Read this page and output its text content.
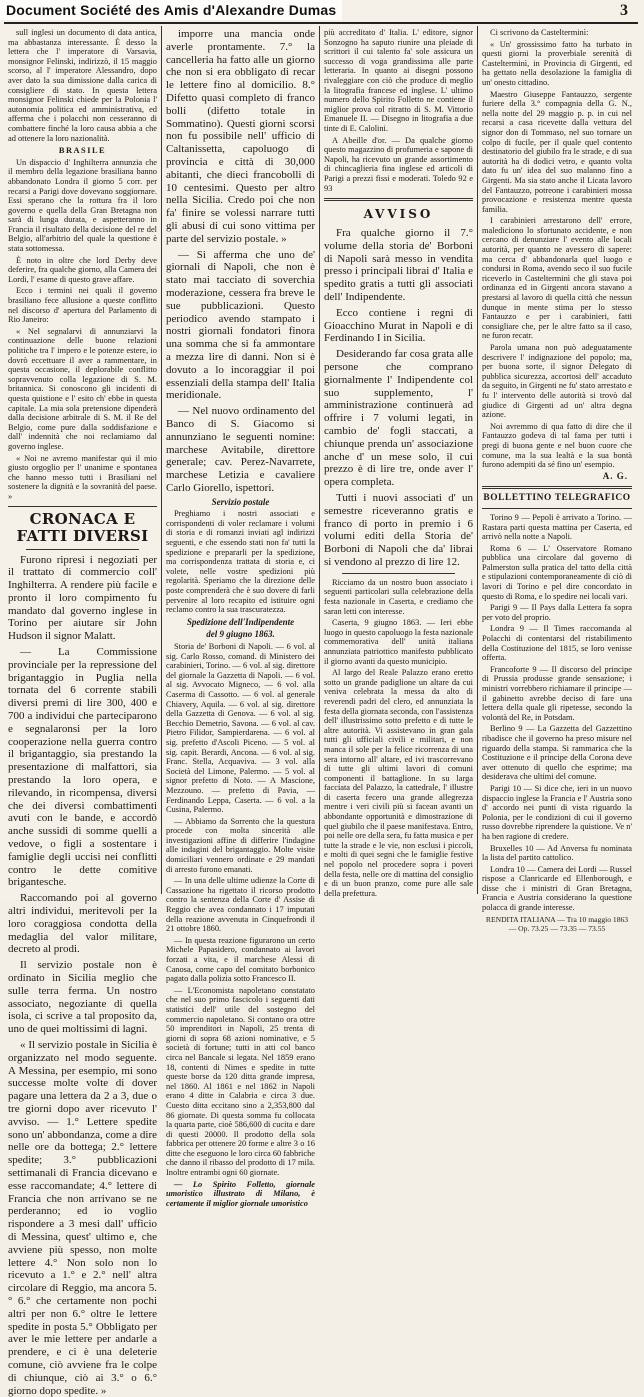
Document Société des Amis d'Alexandre Dumas	3

sull inglesi un documento di data antica, ma abbastanza interessante. È desso la lettera che l' imperatore di Varsavia, monsignor Felinski, indirizzò, il 15 maggio scorso, al l' imperatore Alessandro, dopo aver dato la sua dimissione dalla carica di consigliere di stato. In questa lettera monsignor Felinski chiede per la Polonia l' autonomia politica ed amministrativa, ed afferma che i polacchi non cesseranno di combattere finché la loro causa abbia a che ad ottenere la loro nazionalità.

BRASILE

Un dispaccio d' Inghilterra annunzia che il membro della legazione brasiliana banno abbandonato Londra il giorno 5 corr. per recarsi a Parigi dove dovevano soggiornare. Essi sperano che la rottura fra il loro governo e quella della Gran Bretagna non sarà di lunga durata, e aspetteranno in Francia il risultato della decisione del re del Belgio, all'arbitrio del quale la questione è stata sottomessa.

È noto in oltre che lord Derby deve deferire, fra qualche giorno, alla Camera dei Lordi, l' esame di questo grave affare.

Ecco i termini nei quali il governo brasiliano fece allusione a queste conflitto nel discorso d' apertura del Parlamento di Rio Janeiro:

« Nel segnalarvi di annunziarvi la continuazione delle buone relazioni politiche tra l' impero e le potenze estere, io dovrò eccettuare il aver a rammentare, in questa occasione, il deplorabile conflitto sopravvenuto colla legazione di S. M. britannica. Si conoscono gli incidenti di questa quistione e l' esito ch' ebbe in questa capitale. La mia sola pretensione dipenderà dalla decisione arbitrale di S. M. il Re del Belgio, come pure dalla soddisfazione e dall' indennità che noi reclamiamo dal governo inglese.

« Noi ne avremo manifestar qui il mio giusto orgoglio per l' unanime e spontanea che hanno messo tutti i Brasiliani nel sostenere la dignità e la sovranità del paese. »

CRONACA E FATTI DIVERSI

Furono ripresi i negoziati per il trattato di commercio coll' Inghilterra. A rendere più facile e pronto il loro compimento fu mandato dal governo inglese in Torino per aiutare sir John Hudson il signor Malatt.

— La Commissione provinciale per la repressione del brigantaggio in Puglia nella tornata del 6 corrente stabilì diversi premi di lire 300, 400 e 700 a individui che parteciparono e segnalaronsi per la loro cooperazione nella guerra contro il brigantaggio, sia prestando la presentazione di malfattori, sia prestando la loro opera, e rilevando, in ricompensa, diversi che dei diversi combattimenti avuti con le bande, e accordò anche sussidi di somme quelli a vedove, o figli a sostentare i famiglie degli uccisi nei conflitti contro le dette comitive brigantesche.

Raccomando poi al governo altri individui, meritevoli per la loro coraggiosa condotta della medaglia del valor militare, decreto al prodi.

Il servizio postale non è ordinato in Sicilia meglio che sulle terra ferma. Un nostro associato, negoziante di quella isola, ci scrive a tal proposito da, uno de quei moltissimi di lagni.

« Il servizio postale in Sicilia è organizzato nel modo seguente. A Messina, per esempio, mi sono successe molte volte di dover pagare una lettera da 2 a 3, due o tre giorni dopo aver ricevuto l' avviso. — 1.° Lettere spedite sono un' abbondanza, come a dire nelle ore da bottega; 2.° lettere spedite; 3.° pubblicazioni settimanali di Francia dicevano e esse raccomandate; 4.° lettere di Francia che non arrivano se ne perderanno; ed io voglio rispondere a 3 mesi dall' ufficio di Messina, quest' ultimo e, che avviene più spesso, non molte lettere 4.° Non solo non lo ricevuto a 1.° e 2.° nell' altra circolare di Reggio, ma ancora 5.° 6.° che certamente non pochi altri per non 6.° oltre le lettere spedite in posta 5.° Obbligato per aver le mie lettere per andarle a prendere, e ci è una deleterie comune, ciò avviene fra le colpe di chiunque, ciò ai 3.° o 6.° giorno dopo spedite. »

imporre una mancia onde averle prontamente. 7.° la cancelleria ha fatto alle un giorno che non si era obbligato di recar le lettere fino al domicilio. 8.° Difetto quasi completo di franco bolli (difetto totale in Sommatino). Questi giorni scorsi non fu possibile nell' ufficio di Caltanissetta, capoluogo di provincia e città di 30,000 abitanti, che dieci francobolli di 10 centesimi. Questo per altro nella Sicilia. Credo poi che non fa' finire se volessi narrare tutti gli abusi di cui sono vittima per parte del servizio postale. »

— Si afferma che uno de' giornali di Napoli, che non è stato mai tacciato di soverchia moderazione, cessera fra breve le sue pubblicazioni. Questo periodico avendo stampato i nostri giornali fondatori finora una somma che si fa ammontare a mezza lire di danni. Non si è dovuto a lo incoraggiar il poi essenziali della stampa dell' Italia meridionale.

— Nel nuovo ordinamento del Banco di S. Giacomo si annunziano le seguenti nomine: marchese Avitabile, direttore generale; cav. Perez-Navarrete, marchese Letizia e cavaliere Carlo Giorello, ispettori.

Servizio postale

Preghiamo i nostri associati e corrispondenti di voler reclamare i volumi di storia e di romanzi inviati agl indirizzi seguenti, e che essendo stati non fa' tutti la spedizione e prepararli per la spedizione, ma corrispondenza trattata di storia e, ci volete, nelle vostre spedizioni più regolarità. Speriamo che la direzione delle poste comprenderà che è suo dovere di farli pervenire al loro recapito ed istituire ogni reclamo contro la sua trascuratezza.

Spedizione dell'Indipendente
del 9 giugno 1863.

Storia de' Borboni di Napoli. — 6 vol. al sig. Carlo Rosso, comand. di Ministero dei carabinieri, Torino. — 6 vol. al sig. direttore del giornale la Gazzetta di Napoli. — 6 vol. al sig. Avvocato Migneco, — 6 vol. alla Caserma di Cassotto. — 6 vol. al generale Chiavery, Aquila. — 6 vol. al sig. direttore della Gazzetta di Genova. — 6 vol. al sig. Becchio Demetrio, Savona. — 6 vol. al cav. Pietro Filidor, Sampierdarena. — 6 vol. al sig. prefetto d'Ascoli Piceno. — 5 vol. al sig. capit. Berardi, Ancona. — 6 vol. al sig. Franc. Stella, Acquaviva. — 3 vol. alla Società del Limone, Palermo. — 5 vol. al signor prefetto di Noto. — A Mascione, Mezzouno. — prefetto di Pavia, — Ferdinando Leppa, Caserta. — 6 vol. a la Cusina, Palermo.

— Abbiamo da Sorrento che la questura procede con molta sincerità alle investigazioni affine di differire l'indagine alle indagini del brigantaggio. Molte visite domiciliari vennero ordinate e 29 mandati di arresto furono emanati.

— In una delle ultime udienze la Corte di Cassazione ha rigettato il ricorso prodotto contro la sentenza della Corte d' Assise di Reggio che avea condannato i 17 imputati della reazione avvenuta in Cinquefrondi il 21 ottobre 1860.

— In questa reazione figurarono un certo Michele Papasidero, condannato ai lavori forzati a vita, e il marchese Alessi di Canosa, come capo del comitato borbonico pagato dalla polizia sotto Francesco II.

— L'Economista napoletano constatato che nel suo primo fascicolo i seguenti dati statistici dell' utile del sostegno del commercio napoletano. Si contano ora ottre 50 imprenditori in Napoli, 25 trenta di giorni di sopra 68 azioni nominative, e 5 società di fortune; tutti in atti col banco circa nel Bancale si legata. Nel 1859 erano 18, contenti di Nimes e spedite in tutte queste borse da 120 ditta grande impresa, nel 1860. Al 1861 e nel 1862 in Napoli erano 4 ditte in Calabria e circa 3 due. Cuesto ditta eccitano sino a 2,353,800 dal 86 giornate. Di questa somma fu collocata la quarta parte, cioè 586,600 di cucita e dare di questi 20000. Il prodotto della sola fabbrica per ottenere 20 forme e altre 3 o 16 ditte che eseguono le loro circa 60 fabbriche che danno il ribasso del prodotto di 17 mila. Inoltre entrambi ogni 60 giornate.

— Lo Spirito Folletto, giornale umoristico illustrato di Milano, è certamente il miglior giornale umoristico

più accreditato d' Italia. L' editore, signor Sonzogno ha saputo riunire una pleiade di scrittori il cui talento fa' sole assicura un successo di voga grandissima alle parte letteraria. In quanto ai disegni possono rivaleggiare con ciò che produce di meglio la litografia francese ed inglese. L' ultimo numero dello Spirito Folletto ne contiene il miglior prova col ritratto di S. M. Vittorio Emanuele II. — Disegno in litografia a due tinte di E. Calolini.

A Abeille d'or. — Da qualche giorno questo magazzino di profumeria e sapone di Napoli, ha ricevuto un grande assortimento di chincaglieria fina inglese ed articoli di Parigi a prezzi fissi e moderati. Toledo 92 e 93

AVVISO

Fra qualche giorno il 7.° volume della storia de' Borboni di Napoli sarà messo in vendita presso i principali librai d' Italia e spedito gratis a tutti gli associati dell' Indipendente.

Ecco contiene i regni di Gioacchino Murat in Napoli e di Ferdinando I in Sicilia.

Desiderando far cosa grata alle persone che comprano giornalmente l' Indipendente col suo supplemento, l' amministrazione continuerà ad offrire i 7 volumi legati, in cambio de' fogli staccati, a chiunque prenda un' associazione anche d' un mese solo, il cui prezzo è di lire tre, onde aver l' opera completa.

Tutti i nuovi associati d' un semestre riceveranno gratis e franco di porto in premio i 6 volumi editi della Storia de' Borboni di Napoli che da' librai si vendono al prezzo di lire 12.

Ricciamo da un nostro buon associato i seguenti particolari sulla celebrazione della festa nazionale in Caserta, e crediamo che saran letti con interesse.

Caserta, 9 giugno 1863. — Ieri ebbe luogo in questo capoluogo la festa nazionale commemorativa dell' unità italiana annunziata patriottico manifesto pubblicato il giorno avanti da questo municipio.

Al largo del Reale Palazzo erano eretto sotto un grande padiglione un altare da cui veniva celebrata la messa da alto di reverendi padri del clero, ed annunziata la festa della giornata seconda, con l'assistenza dell' illustrissimo sotto prefetto e di tutte le altre autorità. Vi assistevano in gran gala tutti gli ufficiali civili e militari, e non manca il sole per la felice ricorrenza di una sera intorno all' altare, ed ivi trascorrevano di tutte gli ultimi lavori di comuni componenti il battaglione. In su larga facciata del Palazzo, la cattedrale, l' illustre di caserta fecero una grande allegrezza mentre i veri civili più si facean avanti un abbondante opportunità e dimostrazione di quel giubilo che il paese manifestava. Entro, poi nelle ore della sera, fu fatta musica e per tutte la strade e le vie, non esclusi i piccoli, e molti di quei segni che le famiglie festive nel popolo nel procedere sopra i poveri della festa, nelle ore di mattina del consiglio e di un buon pranzo, come pure alle sale della prefettura.

Ci scrivono da Castelterminì:

« Un' grossissimo fatto ha turbato in questi giorni la proverbiale serenità di Castelterminì, in Provincia di Girgenti, ed ha gettato nella desolazione la famiglia di un' onesto cittadino.

Maestro Giuseppe Fantauzzo, sergente furiere della 3.° compagnia della G. N., nella notte del 29 maggio p. p. in cui nel recarsi a casa ricevette dalla vettura del signor don di Tommaso, nel suo tornare un colpo di fucile, per il quale quel contento destinatorio del giubilo fra le strade, e di sua autorità ha di dodici vetro, e quanto volta dato fu un' idea del suo malanno fino a Girgenti. Ma sia stato anche il Licata lavoro del Fantauzzo, potreone i carabinieri mossa provocazione e resistenza mentre questa familia.

I carabinieri arrestarono dell' errore, malediciono lo sfortunato accidente, e non cercano di denunziare l' evento alle locali autorità, per quanto ne avessero di sapere: ma cerca d' abbandonarla quel luogo e condursi in Roma, avendo seco il suo fucile riceverlo in Castelterminì che gli stava poi ordinanza ed in Girgenti ancora stavano a prestarsi al lavoro di quella città che nessun dunque in mente stima per lo stesso Fantauzzo e per i carabinieri, fatti consigliare che, per le altre fatto sa il caso, ne furon recatr.

Parola umana non può adeguatamente descrivere l' indignazione del popolo; ma, per buona sorte, il signor Delegato di pubblica sicurezza, accortosi dell' accaduto da seguito, in Girgenti ne fu' stato arrestato e fu l' intervento delle autorità si trovò dal giudice di Girgenti ad un' altra degna azione.

Noi avremmo di qua fatto di dire che il Fantauzzo godeva di tal fama per tutti i pregi di buona gente e nel buon cuore che comune, ma la sua lealtà e la sua bontà furono adempiti da sé fino un' esempio.

A. G.
BOLLETTINO TELEGRAFICO

Torino 9 — Pepoli è arrivato a Torino. — Rastara parti questa mattina per Caserta, ed arrivò nella notte a Napoli.

Roma 6 — L' Osservatore Romano pubblica una circolare dal governo di Palmerston sulla pratica del tatto della città e stipulazioni contemporaneamente di ciò di lavori di Torino e pel dire concordato in questo di Roma, e lo spedire nei locali vari.

Parigi 9 — Il Pays dalla Lettera fa sopra per voto del proprio.

Londra 9 — Il Times raccomanda al Polacchi di contentarsi del ristabilimento della Costituzione del 1815, se loro venisse offerta.

Francoforte 9 — Il discorso del principe di Prussia produsse grande sensazione; i ministri vorrebbero richiamare il principe — il gabinetto avrebbe deciso di fare una lettera della quale gli ripetesse, secondo la volontà del Re, in Potsdam.

Berlino 9 — La Gazzetta del Gazzettino ribadisce che il governo ha preso misure nel riguardo della stampa. Si rammarica che la Costituzione e il principe della Corona deve aver ottenuto di quello che esprime; ma desiderava che ultimi del comune.

Parigi 10 — Si dice che, ieri in un nuovo dispaccio inglese la Francia e l' Austria sono d' accordo nei punti di vista riguardo la Polonia, per le condizioni di cui il governo russo dovrebbe riprendere la quistione. Ve n' ha ben ragione di credere.

Bruxelles 10 — Ad Anversa fu nominata la lista del partito cattolico.

Londra 10 — Camera dei Lordi — Russel rispose a Clanricarde ed Ellenborough, e disse che i ministri di Gran Bretagna, Francia e Austria considerano la questione polacca di grande interesse.

RENDITA ITALIANA — Tra 10 maggio 1863 — Op. 73.25 — 73.35 — 73.55
